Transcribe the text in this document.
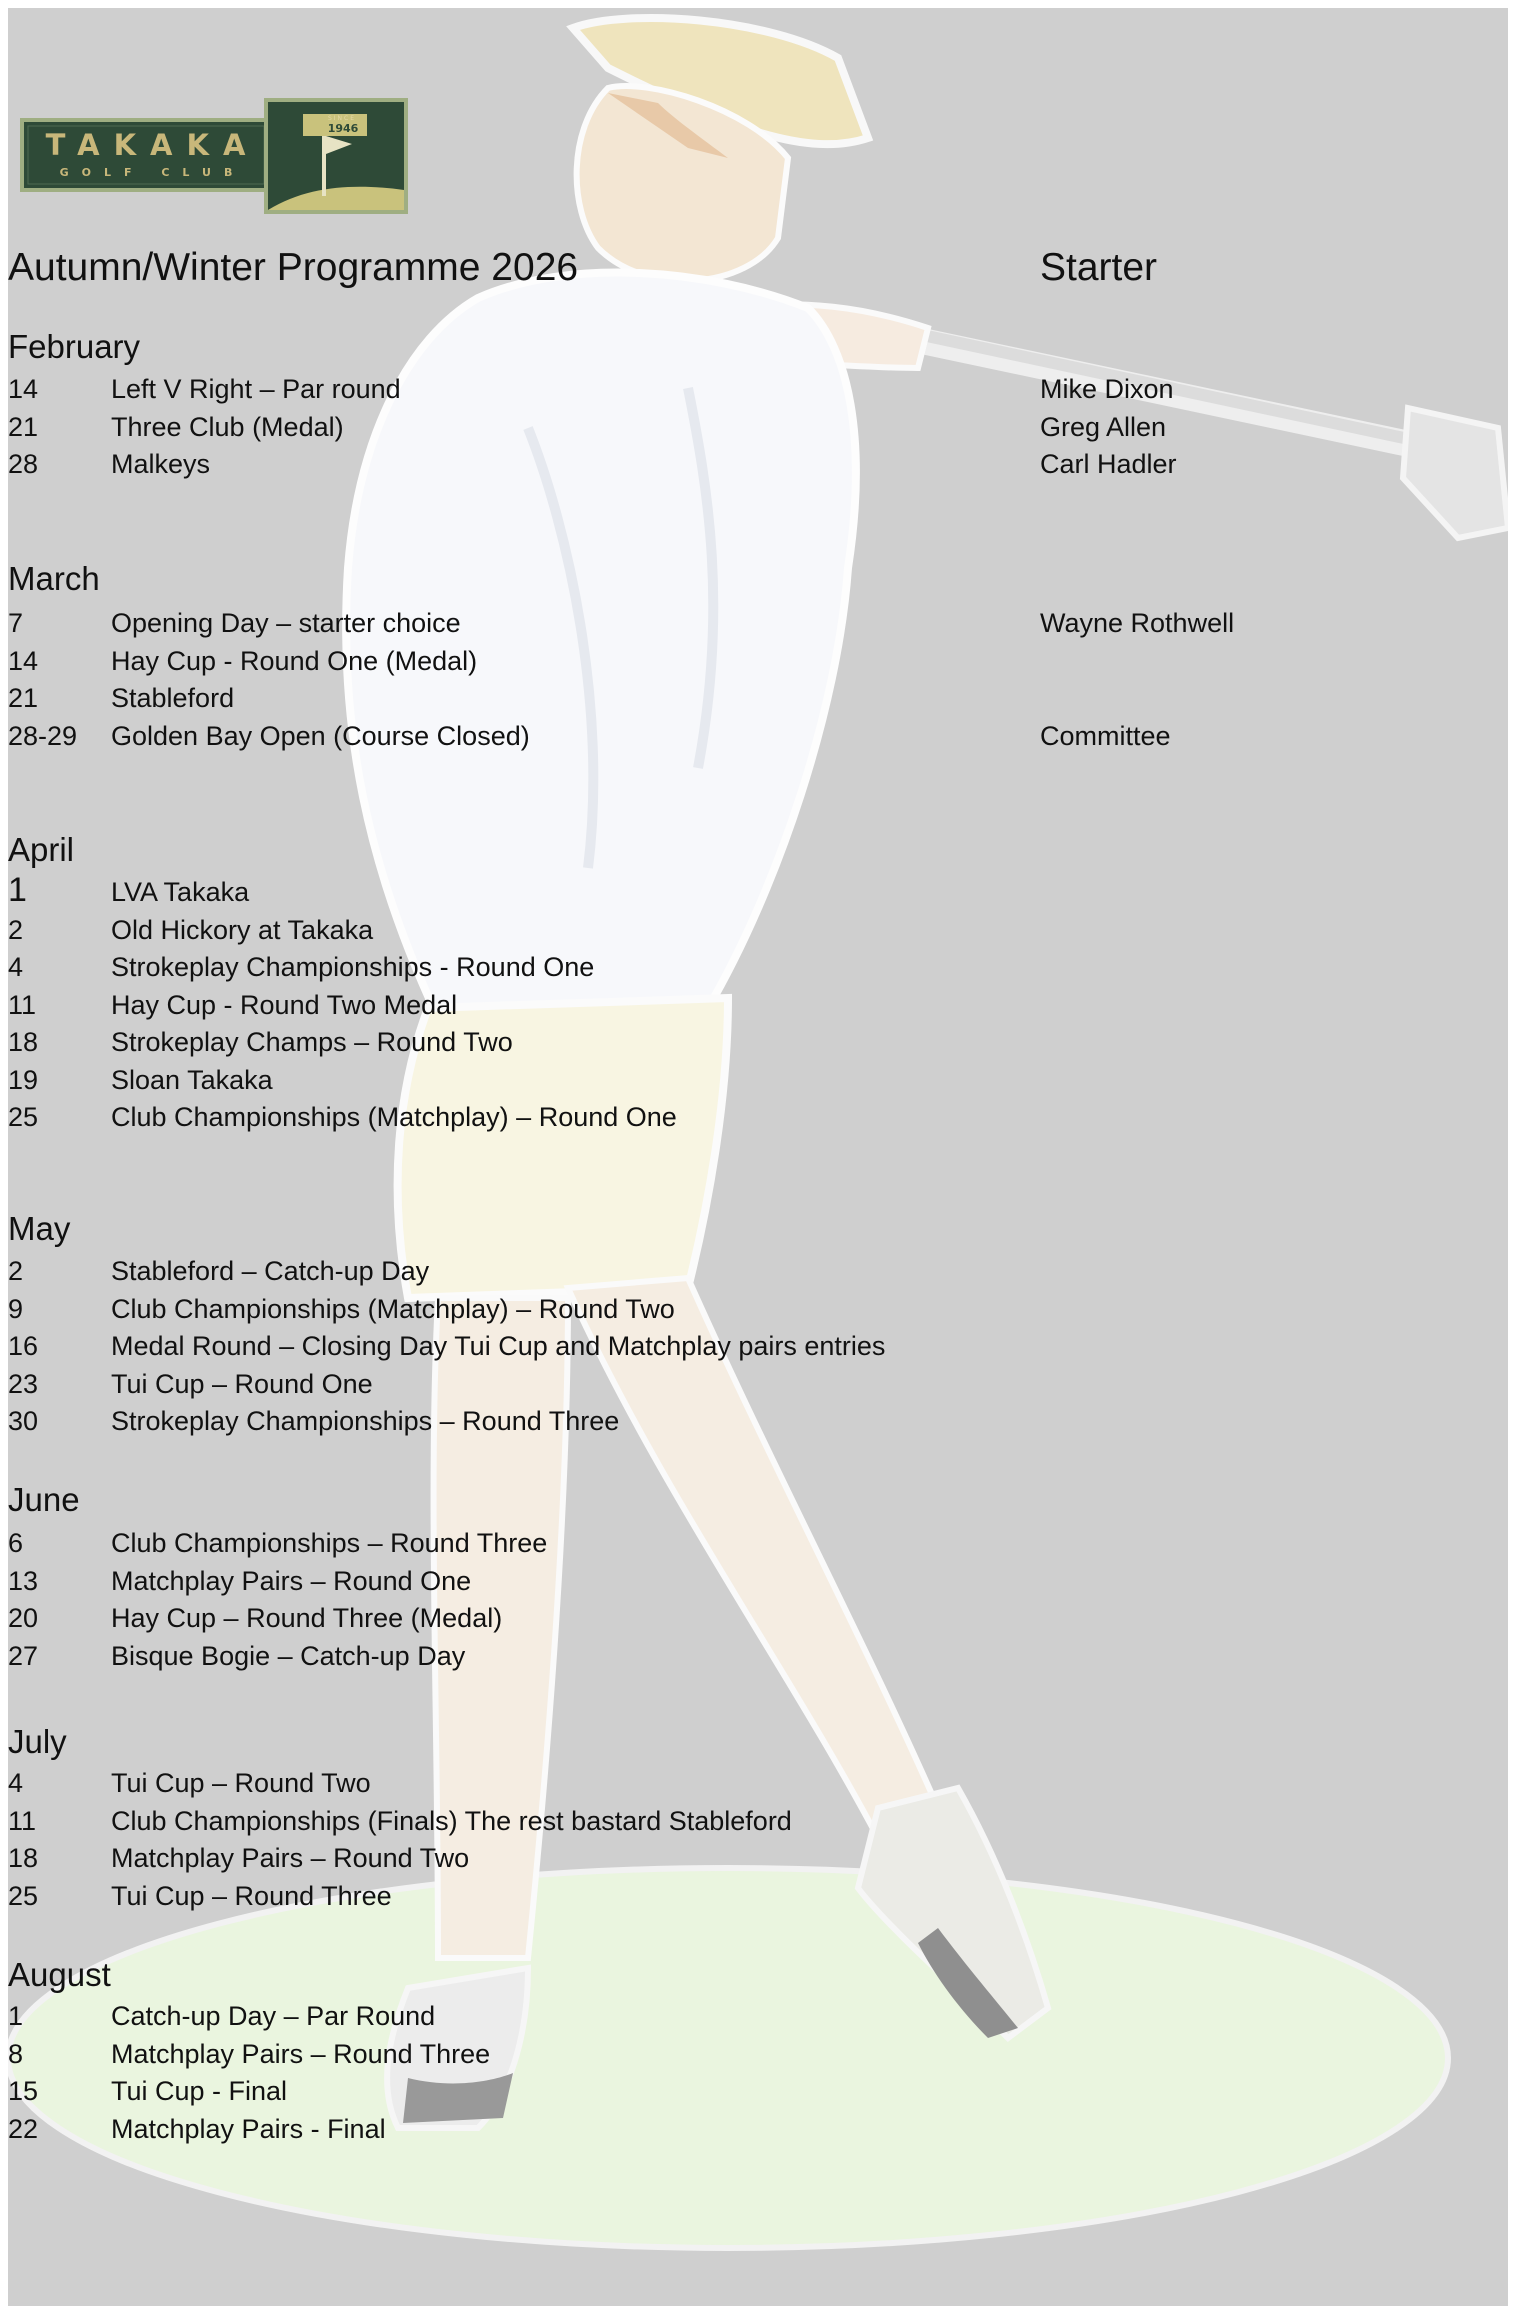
TAKAKA
GOLF CLUB
SINCE
1946
Autumn/Winter Programme 2026	Starter
February
14	Left V Right – Par round	Mike Dixon
21	Three Club (Medal)	Greg Allen
28	Malkeys	Carl Hadler
March
7	Opening Day – starter choice	Wayne Rothwell
14	Hay Cup - Round One (Medal)
21	Stableford
28-29 Golden Bay Open (Course Closed)	Committee
April
1	LVA Takaka
2	Old Hickory at Takaka
4	Strokeplay Championships - Round One
11	Hay Cup - Round Two Medal
18	Strokeplay Champs – Round Two
19	Sloan Takaka
25	Club Championships (Matchplay) – Round One
May
2	Stableford – Catch-up Day
9	Club Championships (Matchplay) – Round Two
16	Medal Round – Closing Day Tui Cup and Matchplay pairs entries
23	Tui Cup – Round One
30	Strokeplay Championships – Round Three
June
6	Club Championships – Round Three
13	Matchplay Pairs – Round One
20	Hay Cup – Round Three (Medal)
27	Bisque Bogie – Catch-up Day
July
4	Tui Cup – Round Two
11	Club Championships (Finals) The rest bastard Stableford
18	Matchplay Pairs – Round Two
25	Tui Cup – Round Three
August
1	Catch-up Day – Par Round
8	Matchplay Pairs – Round Three
15	Tui Cup - Final
22	Matchplay Pairs - Final
